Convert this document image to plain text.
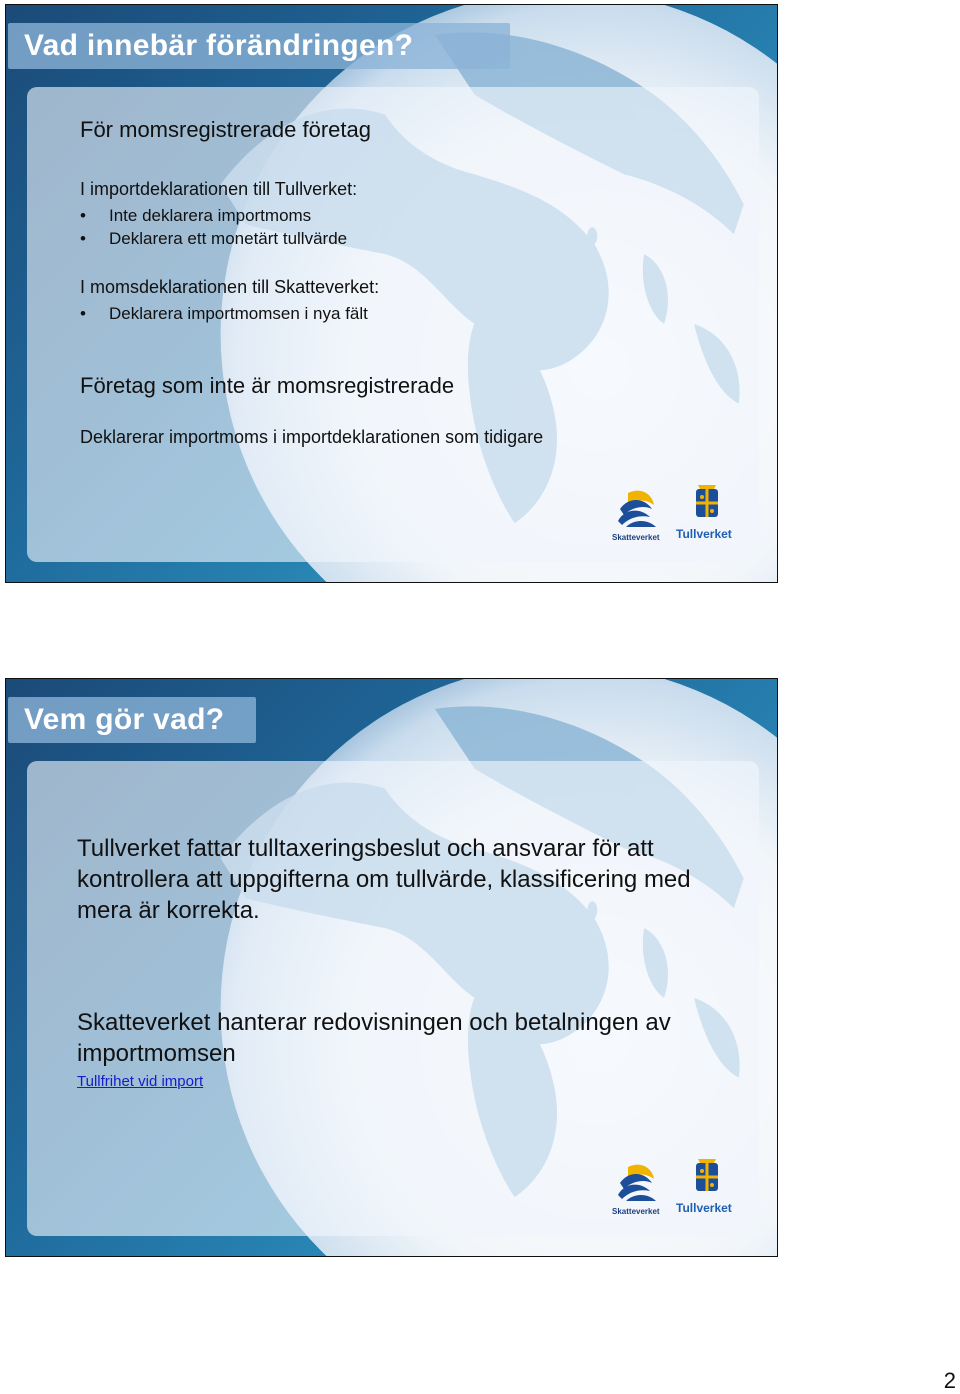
Vad innebär förändringen?
För momsregistrerade företag
I importdeklarationen till Tullverket:
• Inte deklarera importmoms
• Deklarera ett monetärt tullvärde
I momsdeklarationen till Skatteverket:
• Deklarera importmomsen i nya fält
Företag som inte är momsregistrerade
Deklarerar importmoms i importdeklarationen som tidigare
Skatteverket Tullverket
Vem gör vad?
Tullverket fattar tulltaxeringsbeslut och ansvarar för att kontrollera att uppgifterna om tullvärde, klassificering med mera är korrekta.
Skatteverket hanterar redovisningen och betalningen av importmomsen
Tullfrihet vid import
Skatteverket Tullverket
2
